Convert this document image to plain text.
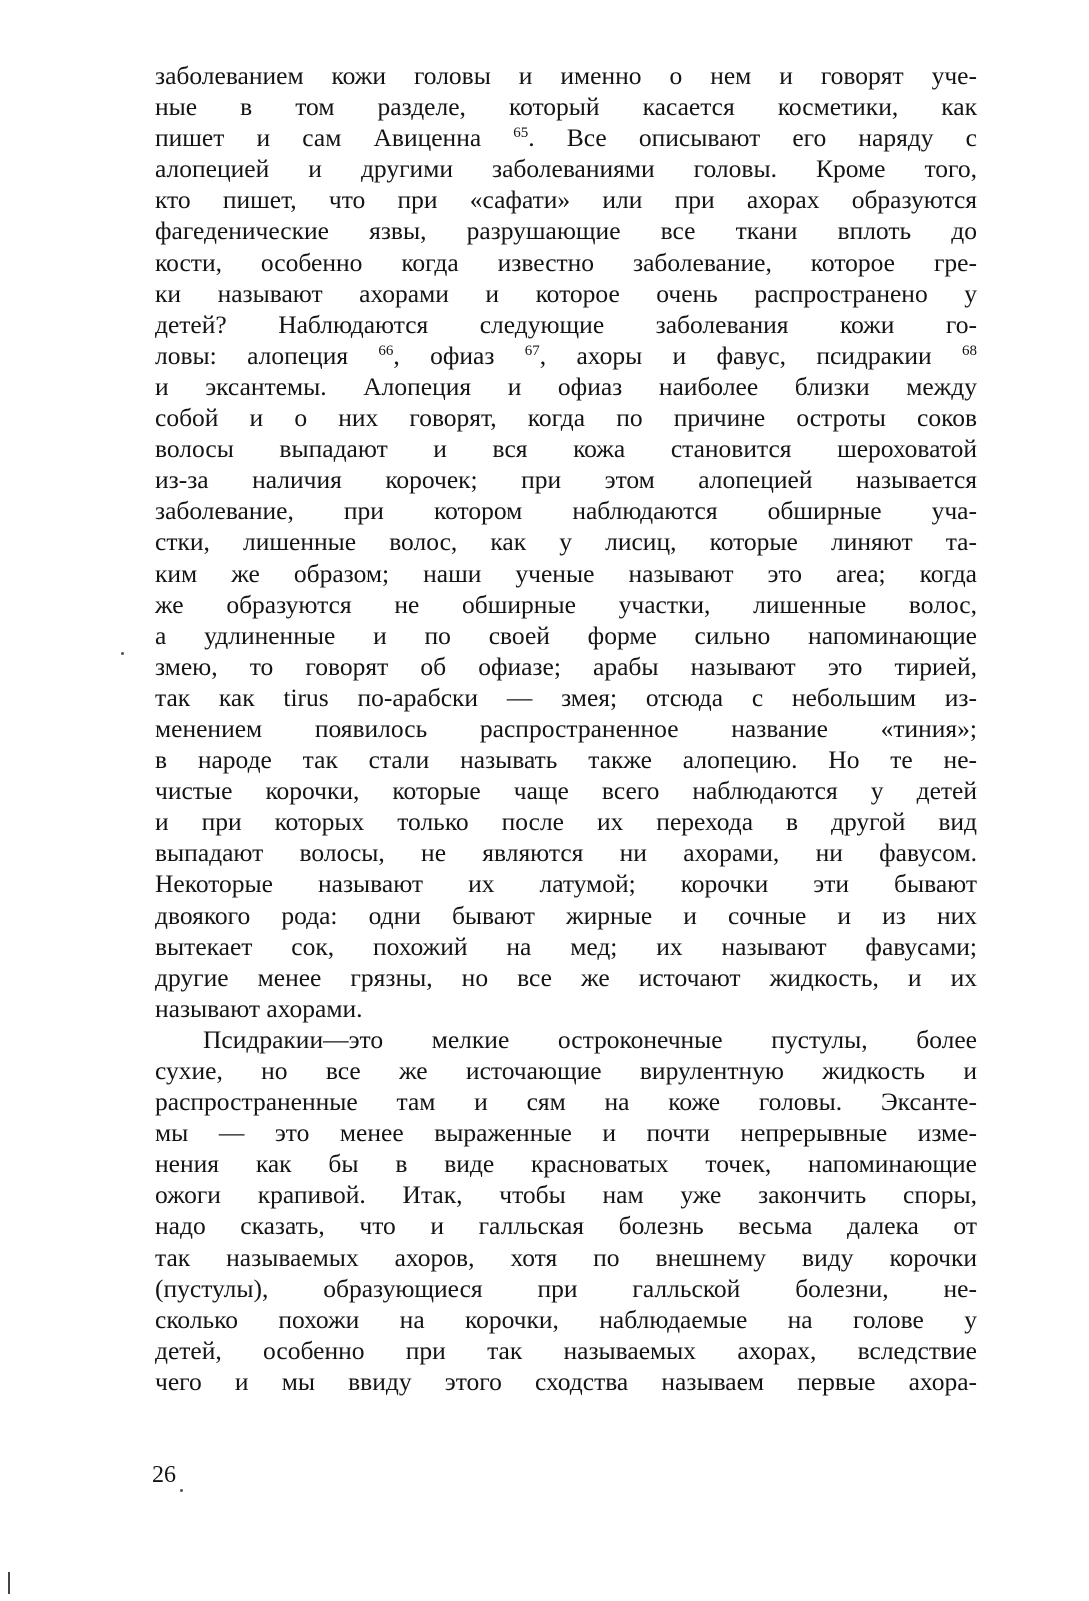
заболеванием кожи головы и именно о нем и говорят уче-
ные в том разделе, который касается косметики, как
пишет и сам Авиценна $^{65}$. Все описывают его наряду с
алопецией и другими заболеваниями головы. Кроме того,
кто пишет, что при «сафати» или при ахорах образуются
фагеденические язвы, разрушающие все ткани вплоть до
кости, особенно когда известно заболевание, которое гре-
ки называют ахорами и которое очень распространено у
детей? Наблюдаются следующие заболевания кожи го-
ловы: алопеция $^{66}$, офиаз $^{67}$, ахоры и фавус, псидракии $^{68}$
и эксантемы. Алопеция и офиаз наиболее близки между
собой и о них говорят, когда по причине остроты соков
волосы выпадают и вся кожа становится шероховатой
из-за наличия корочек; при этом алопецией называется
заболевание, при котором наблюдаются обширные уча-
стки, лишенные волос, как у лисиц, которые линяют та-
ким же образом; наши ученые называют это area; когда
же образуются не обширные участки, лишенные волос,
а удлиненные и по своей форме сильно напоминающие
змею, то говорят об офиазе; арабы называют это тирией,
так как tirus по-арабски — змея; отсюда с небольшим из-
менением появилось распространенное название «тиния»;
в народе так стали называть также алопецию. Но те не-
чистые корочки, которые чаще всего наблюдаются у детей
и при которых только после их перехода в другой вид
выпадают волосы, не являются ни ахорами, ни фавусом.
Некоторые называют их латумой; корочки эти бывают
двоякого рода: одни бывают жирные и сочные и из них
вытекает сок, похожий на мед; их называют фавусами;
другие менее грязны, но все же источают жидкость, и их
называют ахорами.
Псидракии—это мелкие остроконечные пустулы, более
сухие, но все же источающие вирулентную жидкость и
распространенные там и сям на коже головы. Эксанте-
мы — это менее выраженные и почти непрерывные изме-
нения как бы в виде красноватых точек, напоминающие
ожоги крапивой. Итак, чтобы нам уже закончить споры,
надо сказать, что и галльская болезнь весьма далека от
так называемых ахоров, хотя по внешнему виду корочки
(пустулы), образующиеся при галльской болезни, не-
сколько похожи на корочки, наблюдаемые на голове у
детей, особенно при так называемых ахорах, вследствие
чего и мы ввиду этого сходства называем первые ахора-
26
